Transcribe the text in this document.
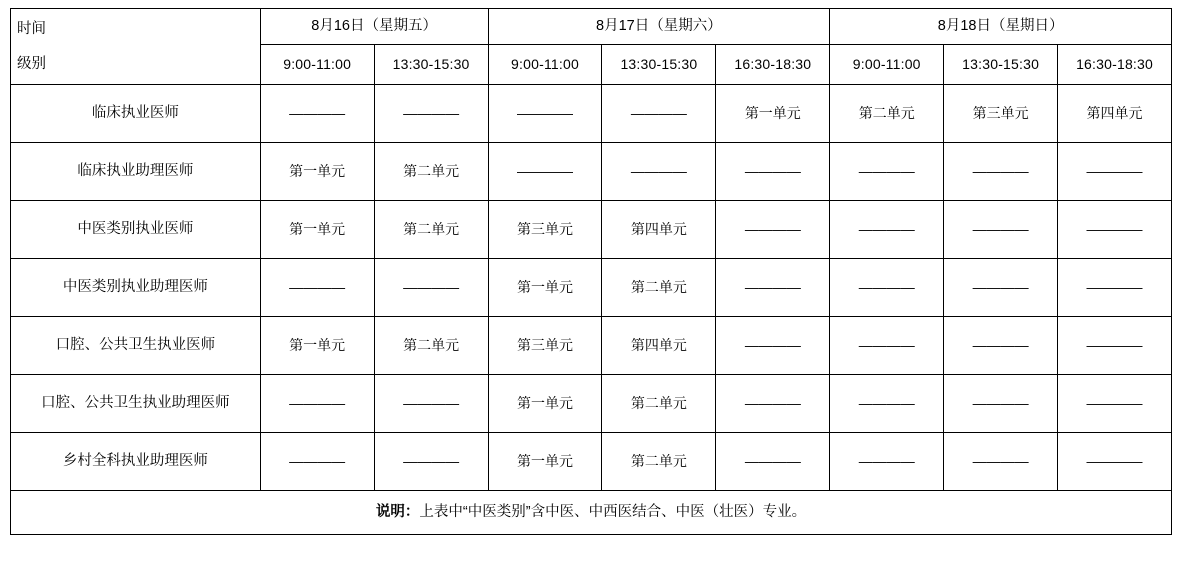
时间
级别	8月16日（星期五）		8月17日（星期六）			8月18日（星期日）		
	9:00-11:00	13:30-15:30	9:00-11:00	13:30-15:30	16:30-18:30	9:00-11:00	13:30-15:30	16:30-18:30
临床执业医师	————	————	————	————	第一单元	第二单元	第三单元	第四单元
临床执业助理医师	第一单元	第二单元	————	————	————	————	————	————
中医类别执业医师	第一单元	第二单元	第三单元	第四单元	————	————	————	————
中医类别执业助理医师	————	————	第一单元	第二单元	————	————	————	————
口腔、公共卫生执业医师	第一单元	第二单元	第三单元	第四单元	————	————	————	————
口腔、公共卫生执业助理医师	————	————	第一单元	第二单元	————	————	————	————
乡村全科执业助理医师	————	————	第一单元	第二单元	————	————	————	————
说明：上表中“中医类别”含中医、中西医结合、中医（壮医）专业。								
